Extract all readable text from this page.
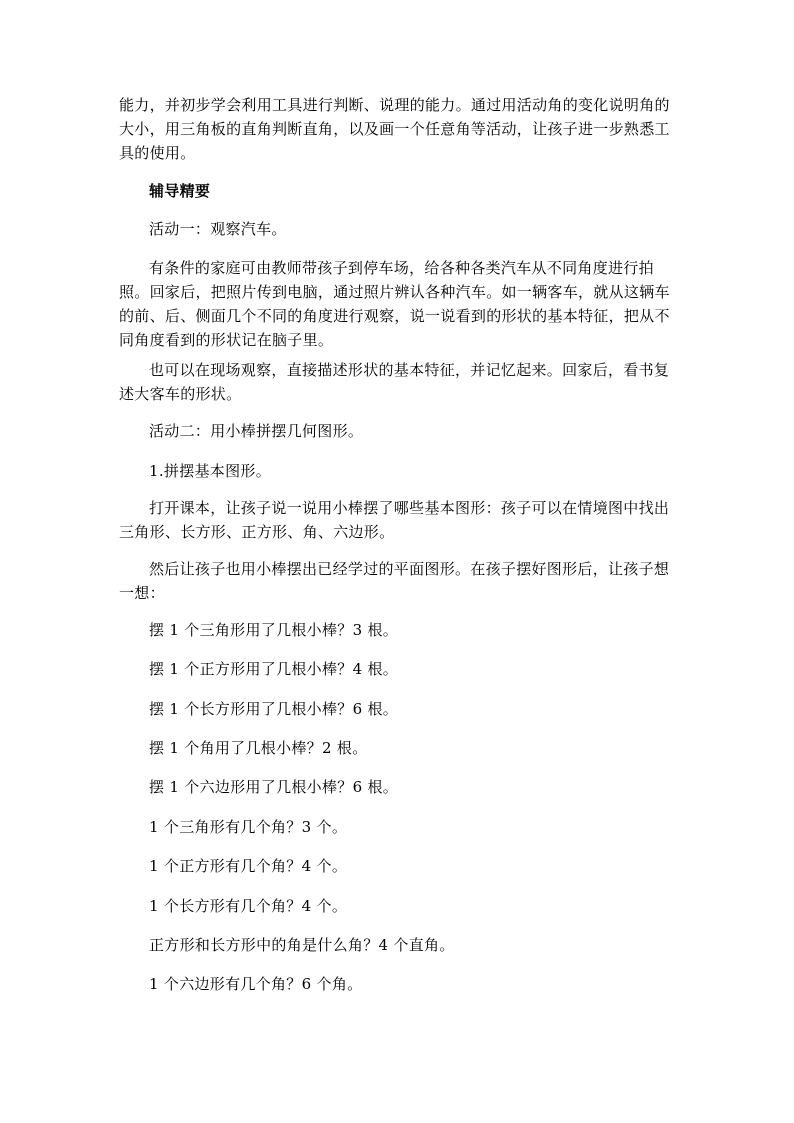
能力，并初步学会利用工具进行判断、说理的能力。通过用活动角的变化说明角的大小，用三角板的直角判断直角，以及画一个任意角等活动，让孩子进一步熟悉工具的使用。

辅导精要

活动一：观察汽车。

有条件的家庭可由教师带孩子到停车场，给各种各类汽车从不同角度进行拍照。回家后，把照片传到电脑，通过照片辨认各种汽车。如一辆客车，就从这辆车的前、后、侧面几个不同的角度进行观察，说一说看到的形状的基本特征，把从不同角度看到的形状记在脑子里。

也可以在现场观察，直接描述形状的基本特征，并记忆起来。回家后，看书复述大客车的形状。

活动二：用小棒拼摆几何图形。

1.拼摆基本图形。

打开课本，让孩子说一说用小棒摆了哪些基本图形：孩子可以在情境图中找出三角形、长方形、正方形、角、六边形。

然后让孩子也用小棒摆出已经学过的平面图形。在孩子摆好图形后，让孩子想一想：

摆 1 个三角形用了几根小棒？3 根。

摆 1 个正方形用了几根小棒？4 根。

摆 1 个长方形用了几根小棒？6 根。

摆 1 个角用了几根小棒？2 根。

摆 1 个六边形用了几根小棒？6 根。

1 个三角形有几个角？3 个。

1 个正方形有几个角？4 个。

1 个长方形有几个角？4 个。

正方形和长方形中的角是什么角？4 个直角。

1 个六边形有几个角？6 个角。
